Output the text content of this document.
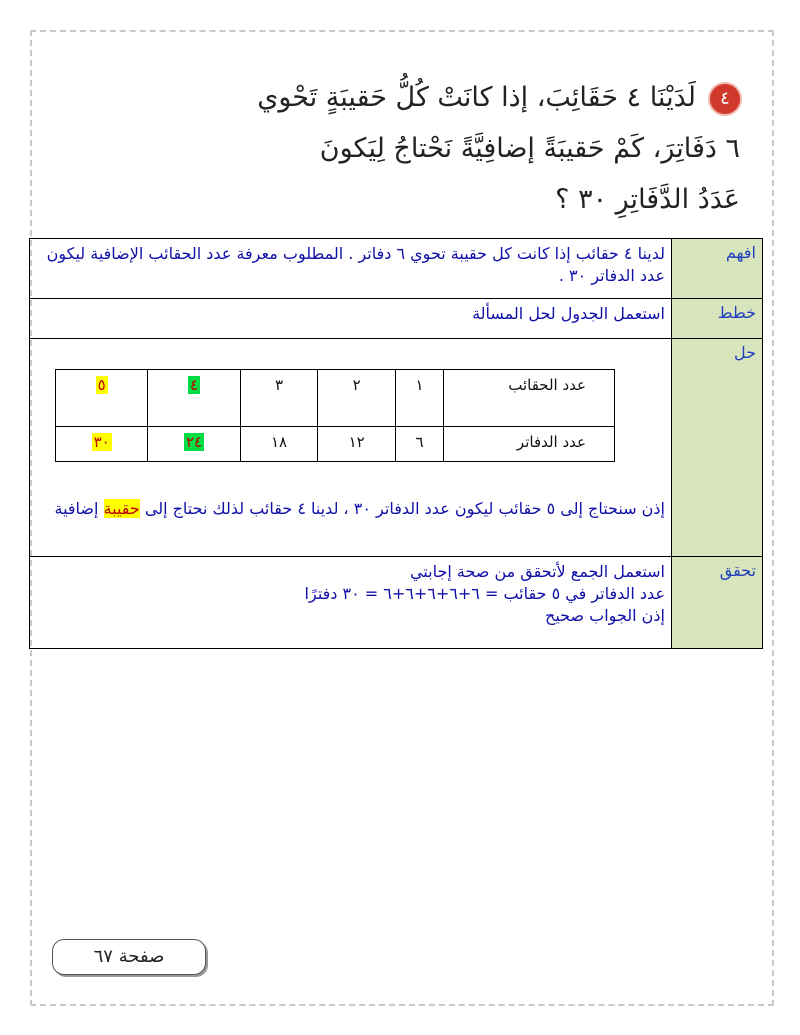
٤لَدَيْنَا ٤ حَقَائِبَ، إذا كانَتْ كُلُّ حَقيبَةٍ تَحْوي
٦ دَفَاتِرَ، كَمْ حَقيبَةً إضافِيَّةً نَحْتاجُ لِيَكونَ
عَدَدُ الدَّفَاتِرِ ٣٠ ؟
افهم	لدينا ٤ حقائب إذا كانت كل حقيبة تحوي ٦ دفاتر . المطلوب معرفة عدد الحقائب الإضافية ليكون عدد الدفاتر ٣٠ .
خطط	استعمل الجدول لحل المسألة
حل	
عدد الحقائب	١	٢	٣	٤	٥
عدد الدفاتر	٦	١٢	١٨	٢٤	٣٠
إذن سنحتاج إلى ٥ حقائب ليكون عدد الدفاتر ٣٠ ، لدينا ٤ حقائب لذلك نحتاج إلى حقيبة إضافية

تحقق	
استعمل الجمع لأتحقق من صحة إجابتي
عدد الدفاتر في ٥ حقائب = ٦+٦+٦+٦+٦ = ٣٠ دفترًا
إذن الجواب صحيح
صفحة ٦٧
